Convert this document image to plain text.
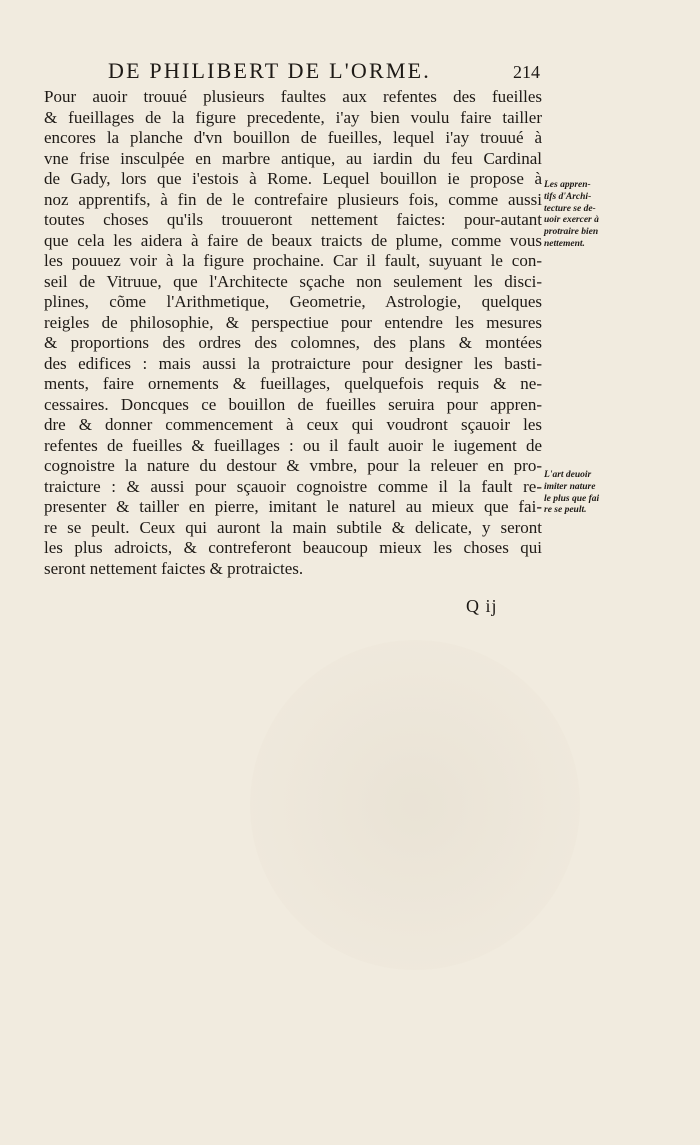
DE PHILIBERT DE L'ORME.	214
Pour auoir trouué plusieurs faultes aux refentes des fueilles
& fueillages de la figure precedente, i'ay bien voulu faire tailler
encores la planche d'vn bouillon de fueilles, lequel i'ay trouué à
vne frise insculpée en marbre antique, au iardin du feu Cardinal
de Gady, lors que i'estois à Rome. Lequel bouillon ie propose à
noz apprentifs, à fin de le contrefaire plusieurs fois, comme aussi
toutes choses qu'ils trouueront nettement faictes: pour-autant
que cela les aidera à faire de beaux traicts de plume, comme vous
les pouuez voir à la figure prochaine. Car il fault, suyuant le con-
seil de Vitruue, que l'Architecte sçache non seulement les disci-
plines, cõme l'Arithmetique, Geometrie, Astrologie, quelques
reigles de philosophie, & perspectiue pour entendre les mesures
& proportions des ordres des colomnes, des plans & montées
des edifices : mais aussi la protraicture pour designer les basti-
ments, faire ornements & fueillages, quelquefois requis & ne-
cessaires. Doncques ce bouillon de fueilles seruira pour appren-
dre & donner commencement à ceux qui voudront sçauoir les
refentes de fueilles & fueillages : ou il fault auoir le iugement de
cognoistre la nature du destour & vmbre, pour la releuer en pro-
traicture : & aussi pour sçauoir cognoistre comme il la fault re-
presenter & tailler en pierre, imitant le naturel au mieux que fai-
re se peult. Ceux qui auront la main subtile & delicate, y seront
les plus adroicts, & contreferont beaucoup mieux les choses qui
seront nettement faictes & protraictes.
Les appren-
tifs d'Archi-
tecture se de-
uoir exercer à
protraire bien
nettement.
L'art deuoir
imiter nature
le plus que fai
re se peult.
Q ij
